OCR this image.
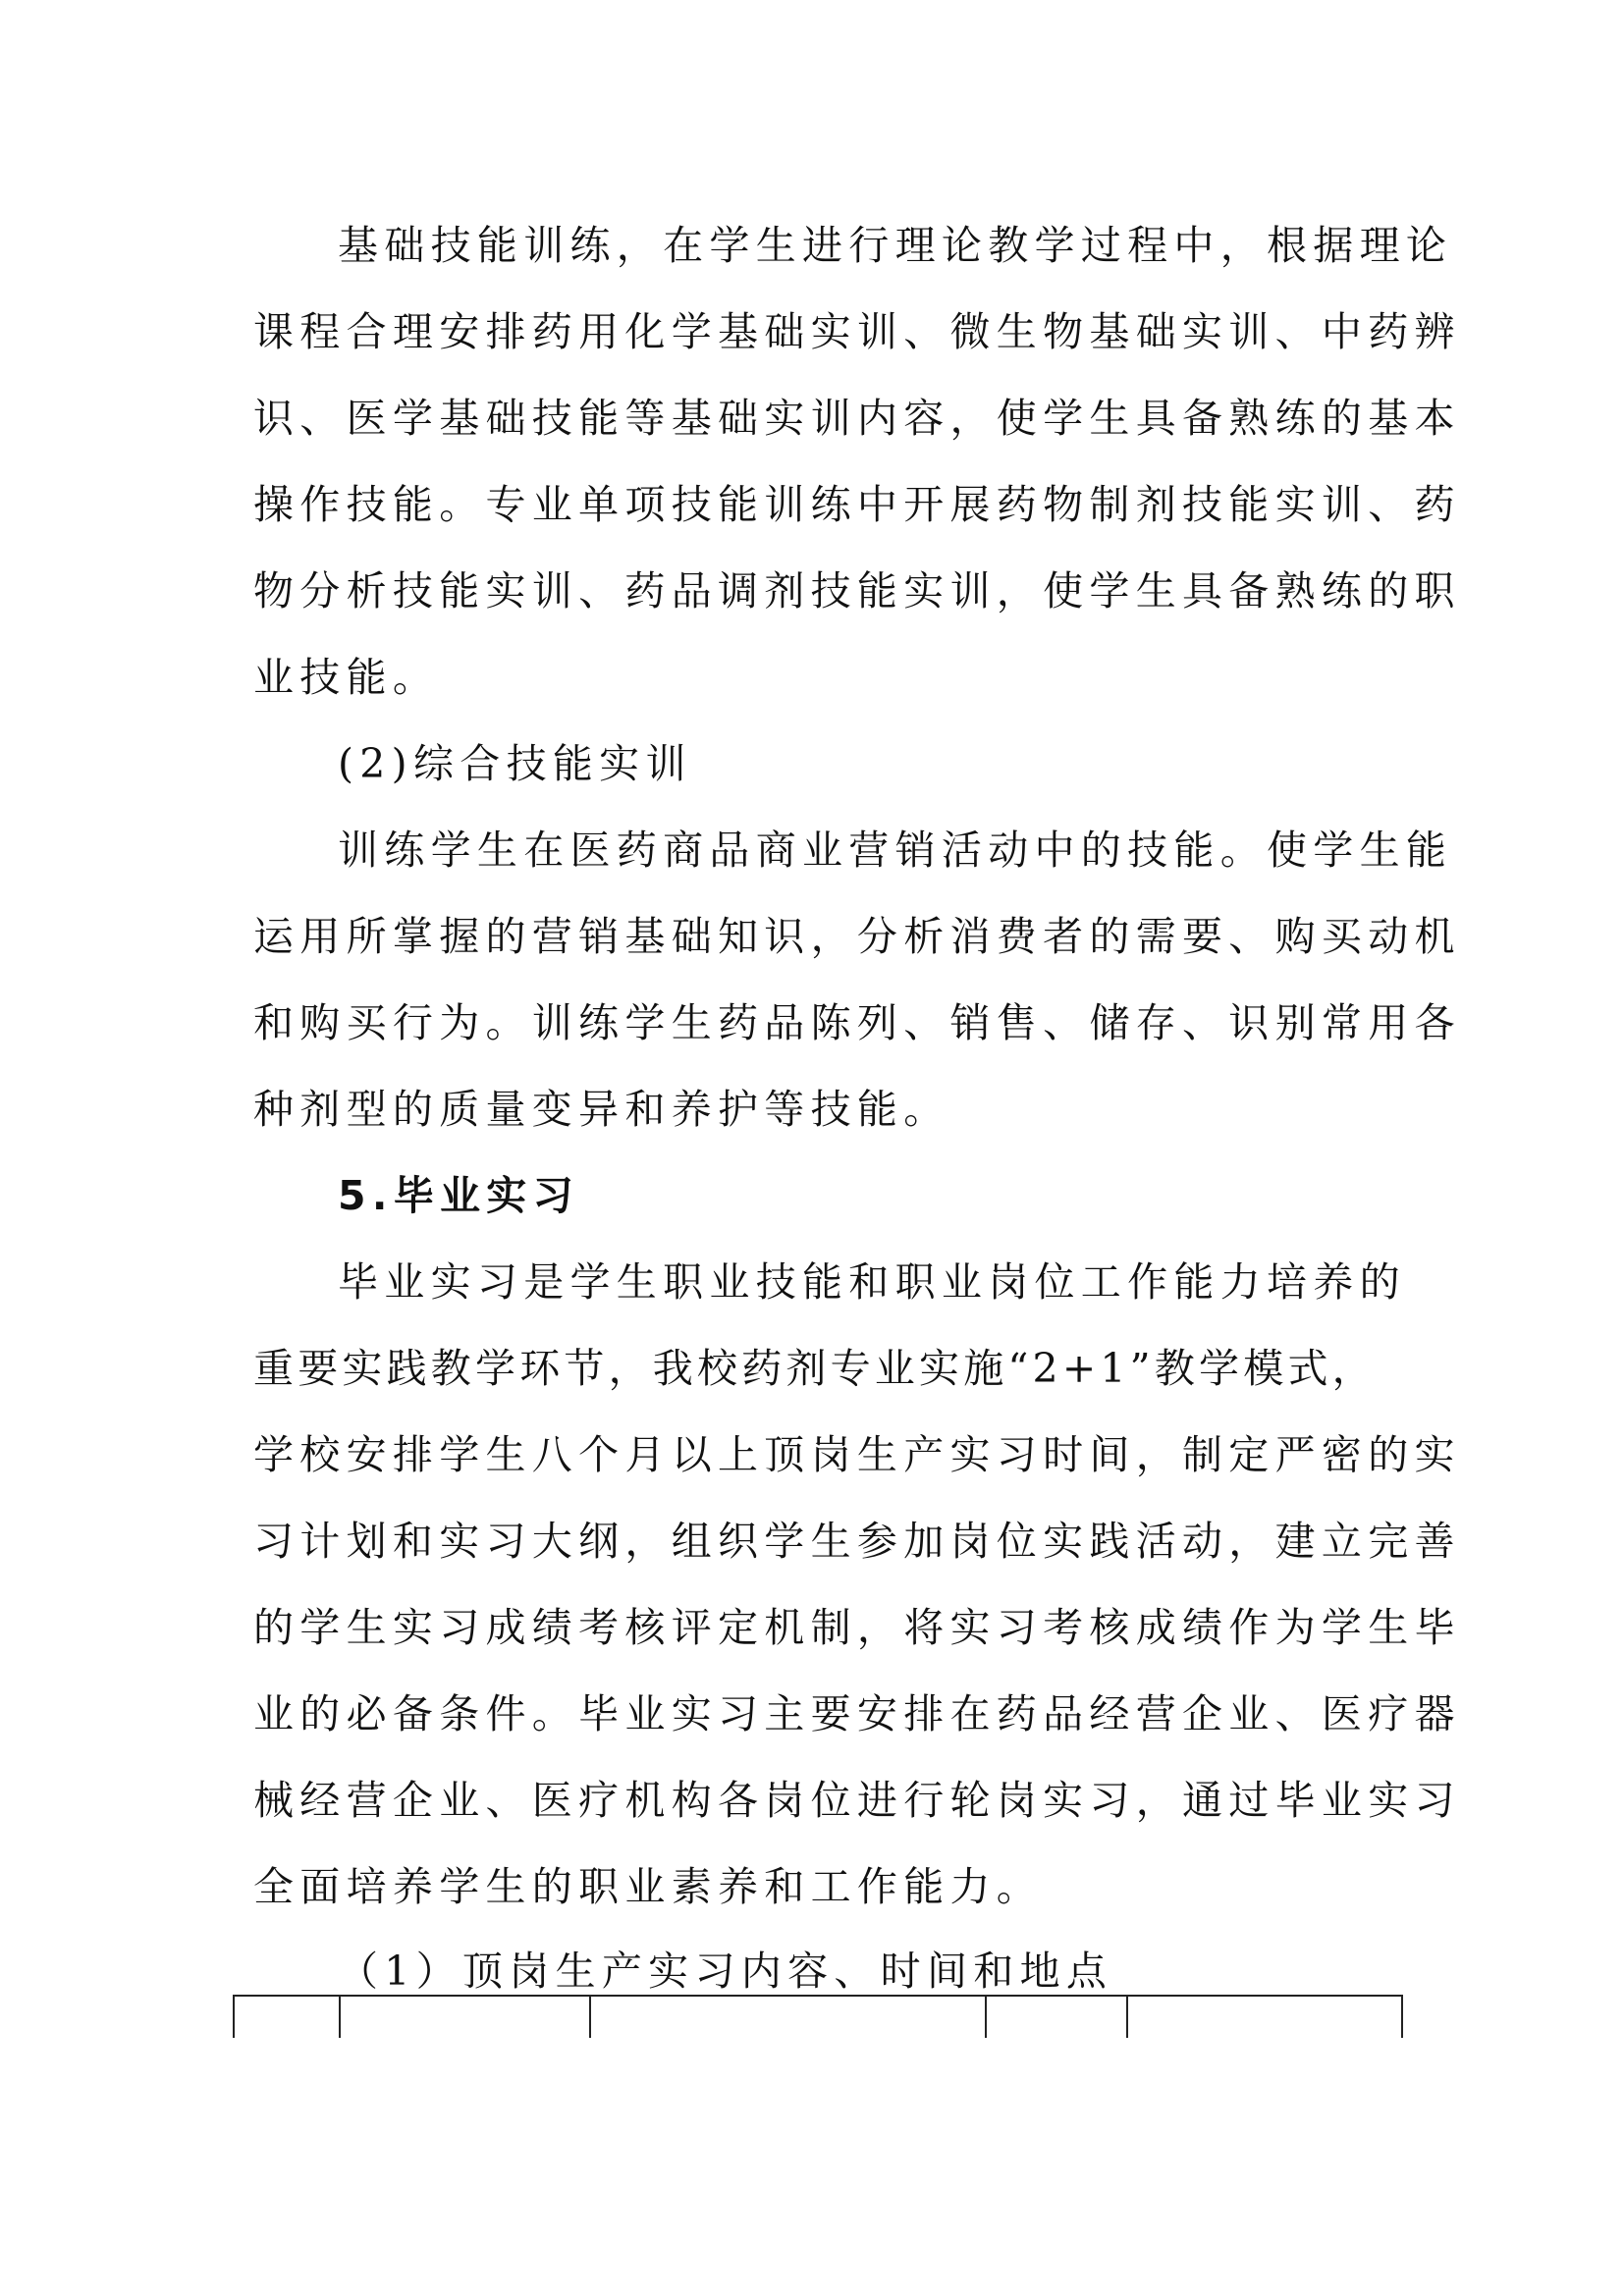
基础技能训练，在学生进行理论教学过程中，根据理论
课程合理安排药用化学基础实训、微生物基础实训、中药辨
识、医学基础技能等基础实训内容，使学生具备熟练的基本
操作技能。专业单项技能训练中开展药物制剂技能实训、药
物分析技能实训、药品调剂技能实训，使学生具备熟练的职
业技能。
(2)综合技能实训
训练学生在医药商品商业营销活动中的技能。使学生能
运用所掌握的营销基础知识，分析消费者的需要、购买动机
和购买行为。训练学生药品陈列、销售、储存、识别常用各
种剂型的质量变异和养护等技能。
5.毕业实习
毕业实习是学生职业技能和职业岗位工作能力培养的
重要实践教学环节，我校药剂专业实施“2+1”教学模式，
学校安排学生八个月以上顶岗生产实习时间，制定严密的实
习计划和实习大纲，组织学生参加岗位实践活动，建立完善
的学生实习成绩考核评定机制，将实习考核成绩作为学生毕
业的必备条件。毕业实习主要安排在药品经营企业、医疗器
械经营企业、医疗机构各岗位进行轮岗实习，通过毕业实习
全面培养学生的职业素养和工作能力。
（1）顶岗生产实习内容、时间和地点
